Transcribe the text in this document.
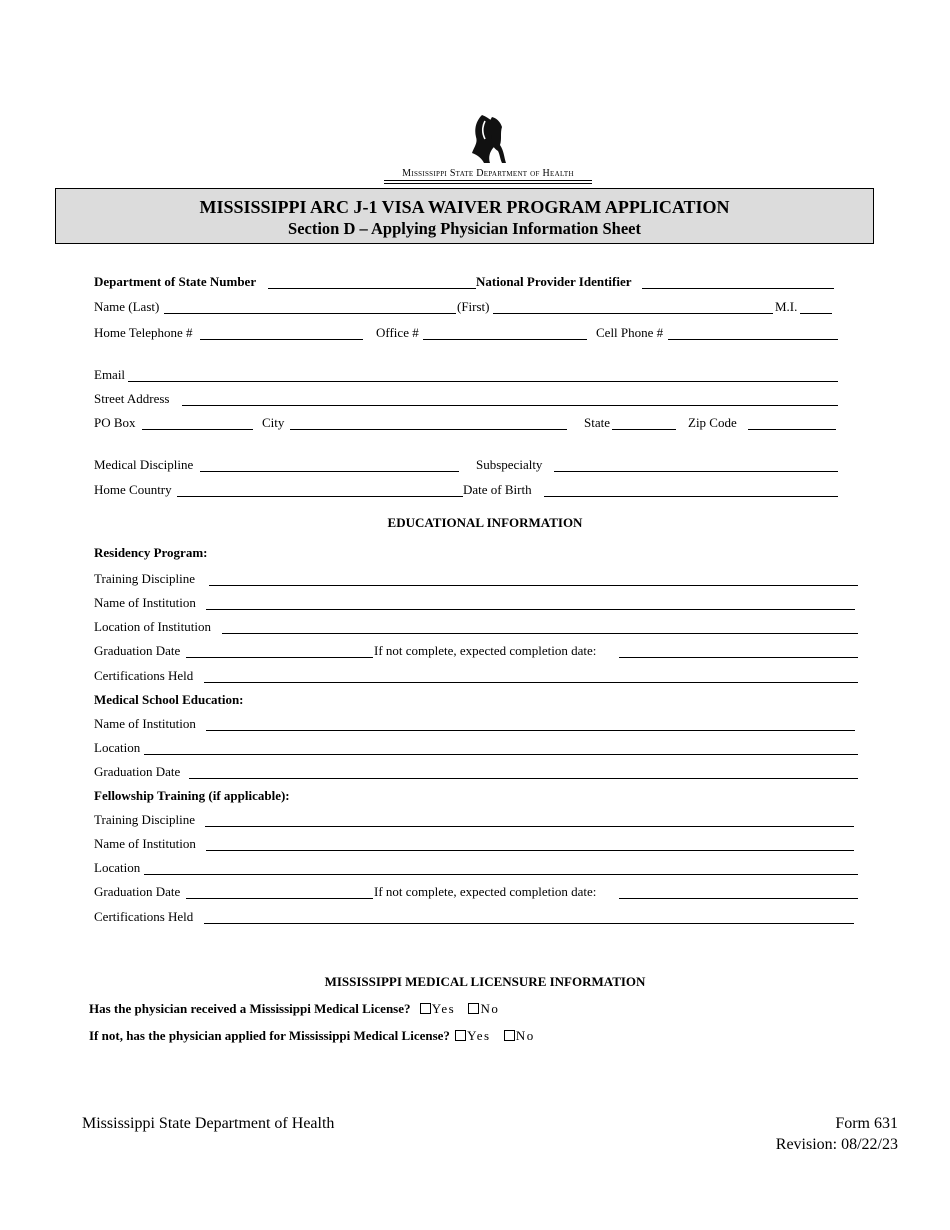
Mississippi State Department of Health
MISSISSIPPI ARC J-1 VISA WAIVER PROGRAM APPLICATION
Section D – Applying Physician Information Sheet
Department of State Number	National Provider Identifier
Name (Last)	(First)	M.I.
Home Telephone #	Office #	Cell Phone #
Email
Street Address
PO Box	City	State	Zip Code
Medical Discipline	Subspecialty
Home Country	Date of Birth
EDUCATIONAL INFORMATION
Residency Program:
Training Discipline
Name of Institution
Location of Institution
Graduation Date	If not complete, expected completion date:
Certifications Held
Medical School Education:
Name of Institution
Location
Graduation Date
Fellowship Training (if applicable):
Training Discipline
Name of Institution
Location
Graduation Date	If not complete, expected completion date:
Certifications Held
MISSISSIPPI MEDICAL LICENSURE INFORMATION
Has the physician received a Mississippi Medical License? Yes No
If not, has the physician applied for Mississippi Medical License? Yes No
Mississippi State Department of Health	Form 631
Revision: 08/22/23
